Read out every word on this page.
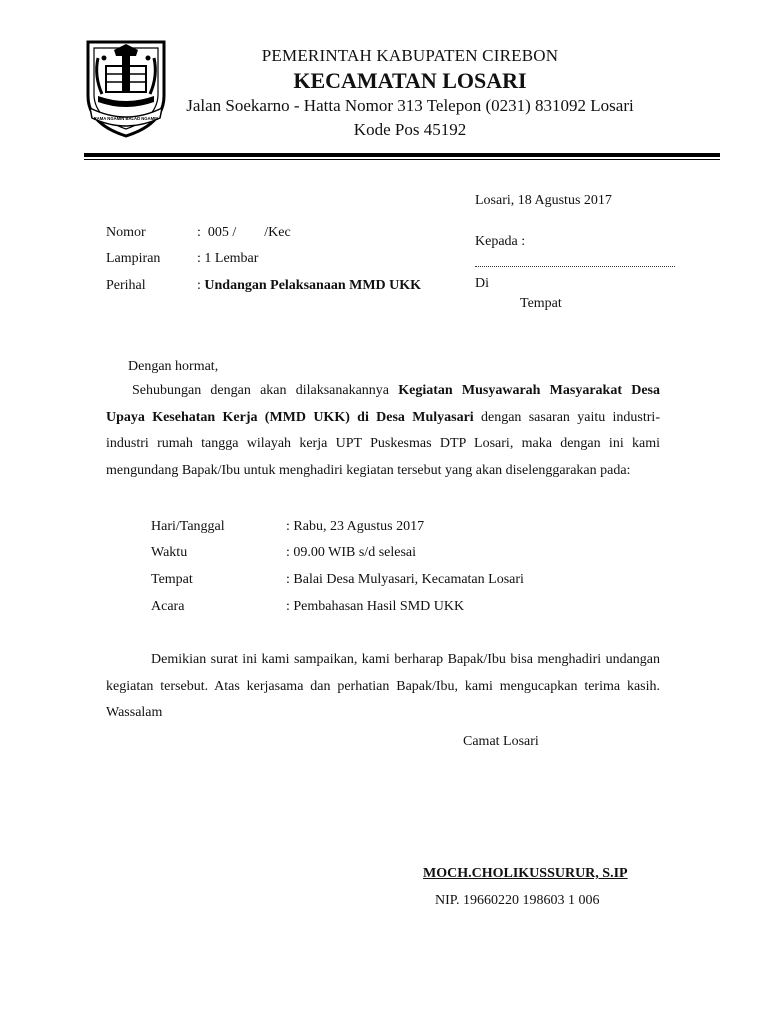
RAMA NGAMIN BALAD NGAMIN
PEMERINTAH KABUPATEN CIREBON
KECAMATAN LOSARI
Jalan Soekarno - Hatta Nomor 313 Telepon (0231) 831092 Losari
Kode Pos 45192
Losari, 18 Agustus 2017
Nomor	:  005 /        /Kec
Lampiran	: 1 Lembar
Perihal	: Undangan Pelaksanaan MMD UKK
Kepada :
Di
Tempat
Dengan hormat,
Sehubungan dengan akan dilaksanakannya Kegiatan Musyawarah Masyarakat Desa Upaya Kesehatan Kerja (MMD UKK) di Desa Mulyasari dengan sasaran yaitu industri-industri rumah tangga wilayah kerja UPT Puskesmas DTP Losari, maka dengan ini kami mengundang Bapak/Ibu untuk menghadiri kegiatan tersebut yang akan diselenggarakan pada:
Hari/Tanggal	: Rabu, 23 Agustus 2017
Waktu	: 09.00 WIB s/d selesai
Tempat	: Balai Desa Mulyasari, Kecamatan Losari
Acara	: Pembahasan Hasil SMD UKK
Demikian surat ini kami sampaikan, kami berharap Bapak/Ibu bisa menghadiri undangan kegiatan tersebut. Atas kerjasama dan perhatian Bapak/Ibu, kami mengucapkan terima kasih. Wassalam
Camat Losari
MOCH.CHOLIKUSSURUR, S.IP
NIP. 19660220 198603 1 006
